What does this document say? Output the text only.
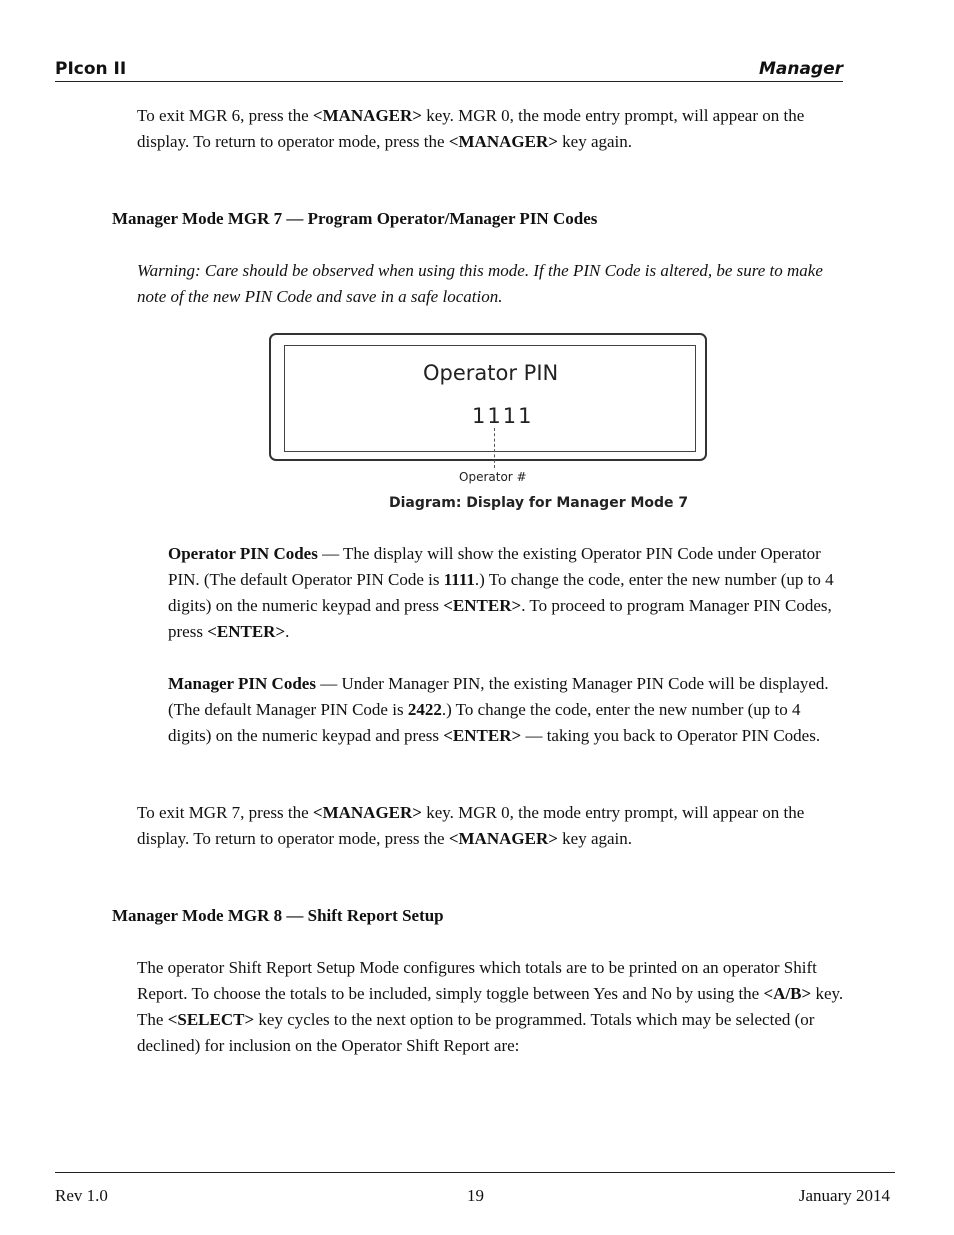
PIcon II	Manager

To exit MGR 6, press the <MANAGER> key. MGR 0, the mode entry prompt, will appear on the display. To return to operator mode, press the <MANAGER> key again.

Manager Mode MGR 7 — Program Operator/Manager PIN Codes

Warning: Care should be observed when using this mode. If the PIN Code is altered, be sure to make note of the new PIN Code and save in a safe location.

Operator PIN
1111
Operator #
Diagram: Display for Manager Mode 7

Operator PIN Codes — The display will show the existing Operator PIN Code under Operator PIN. (The default Operator PIN Code is 1111.) To change the code, enter the new number (up to 4 digits) on the numeric keypad and press <ENTER>. To proceed to program Manager PIN Codes, press <ENTER>.

Manager PIN Codes — Under Manager PIN, the existing Manager PIN Code will be displayed. (The default Manager PIN Code is 2422.) To change the code, enter the new number (up to 4 digits) on the numeric keypad and press <ENTER> — taking you back to Operator PIN Codes.

To exit MGR 7, press the <MANAGER> key. MGR 0, the mode entry prompt, will appear on the display. To return to operator mode, press the <MANAGER> key again.

Manager Mode MGR 8 — Shift Report Setup

The operator Shift Report Setup Mode configures which totals are to be printed on an operator Shift Report. To choose the totals to be included, simply toggle between Yes and No by using the <A/B> key. The <SELECT> key cycles to the next option to be programmed. Totals which may be selected (or declined) for inclusion on the Operator Shift Report are:

Rev 1.0	19	January 2014
